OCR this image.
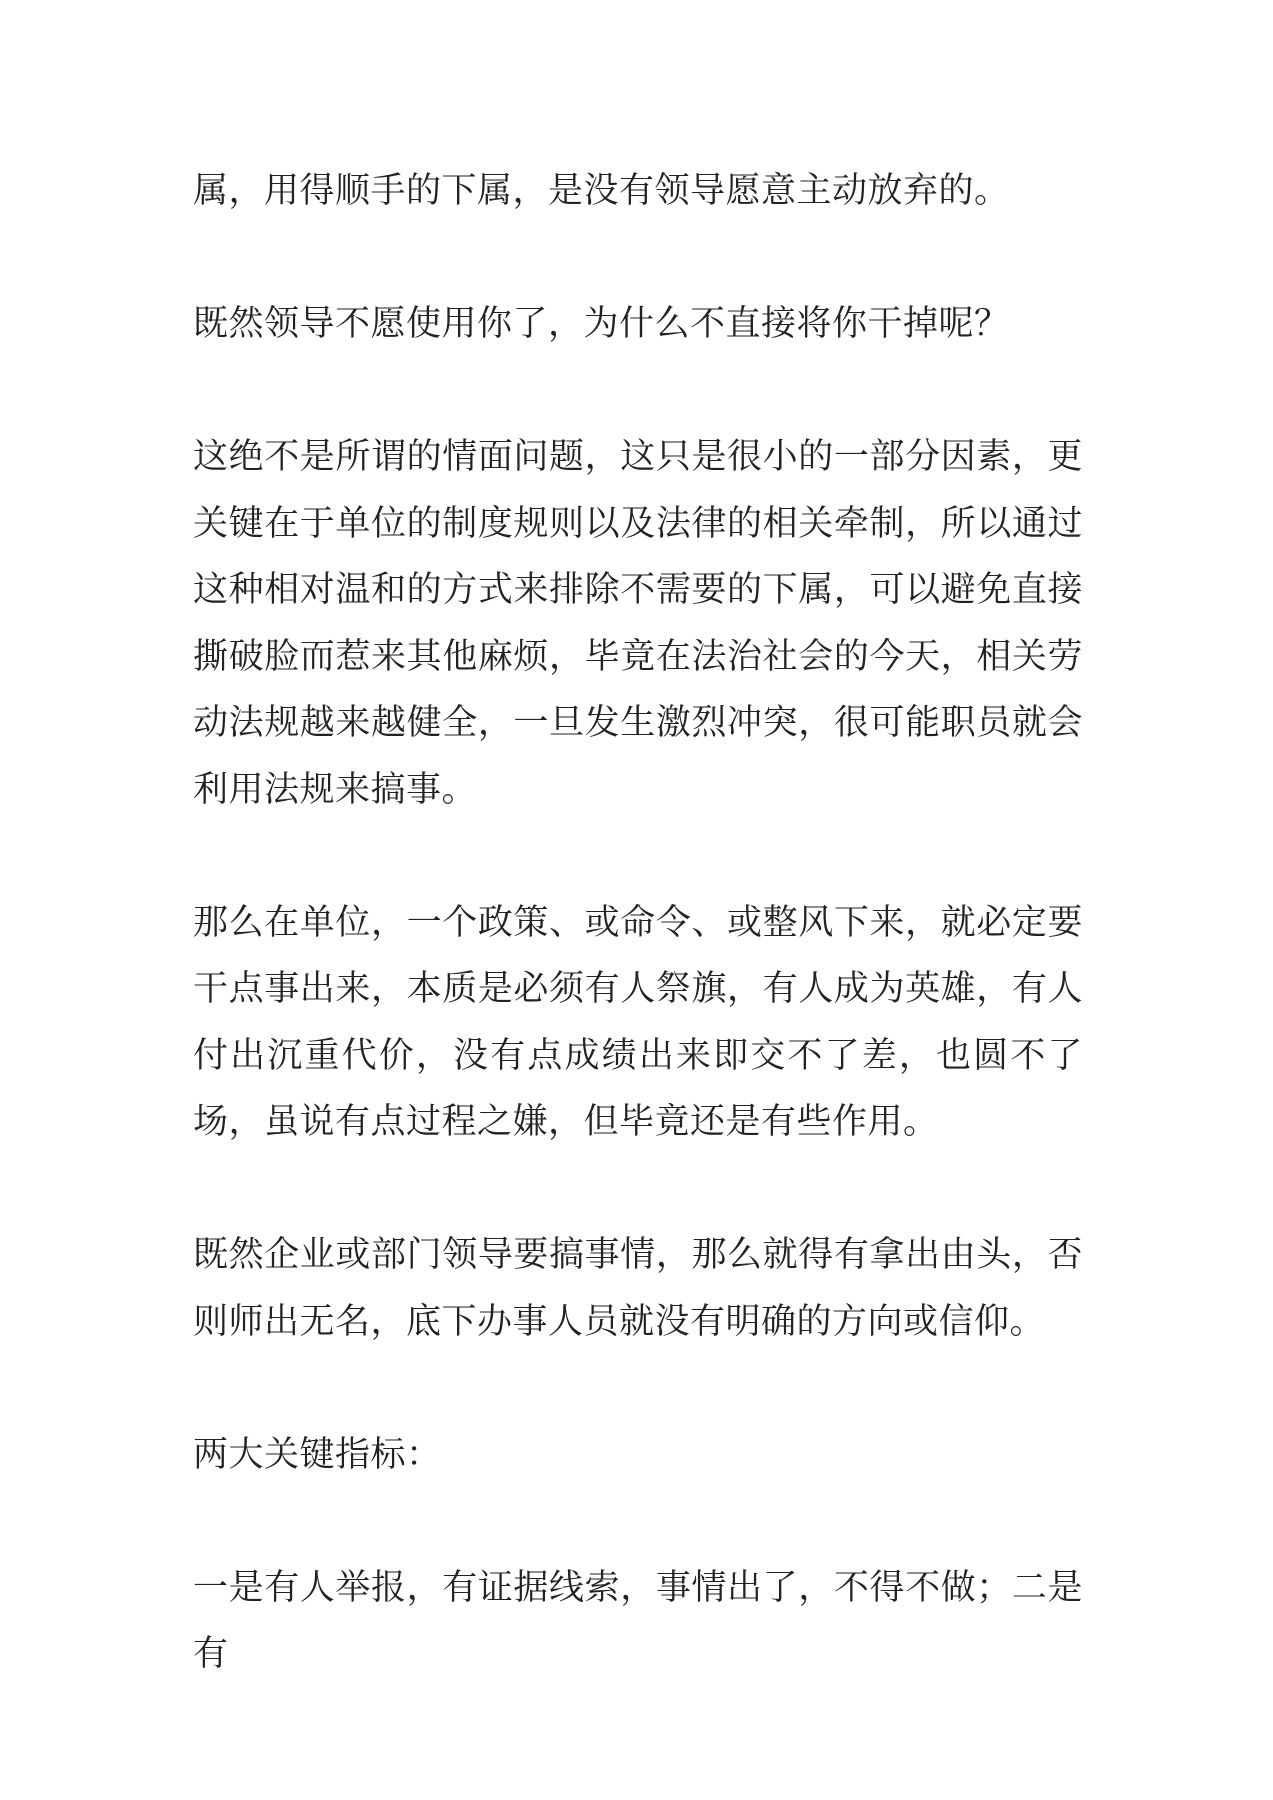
属，用得顺手的下属，是没有领导愿意主动放弃的。

既然领导不愿使用你了，为什么不直接将你干掉呢？

这绝不是所谓的情面问题，这只是很小的一部分因素，更关键在于单位的制度规则以及法律的相关牵制，所以通过这种相对温和的方式来排除不需要的下属，可以避免直接撕破脸而惹来其他麻烦，毕竟在法治社会的今天，相关劳动法规越来越健全，一旦发生激烈冲突，很可能职员就会利用法规来搞事。

那么在单位，一个政策、或命令、或整风下来，就必定要干点事出来，本质是必须有人祭旗，有人成为英雄，有人付出沉重代价，没有点成绩出来即交不了差，也圆不了场，虽说有点过程之嫌，但毕竟还是有些作用。

既然企业或部门领导要搞事情，那么就得有拿出由头，否则师出无名，底下办事人员就没有明确的方向或信仰。

两大关键指标：

一是有人举报，有证据线索，事情出了，不得不做；二是有
